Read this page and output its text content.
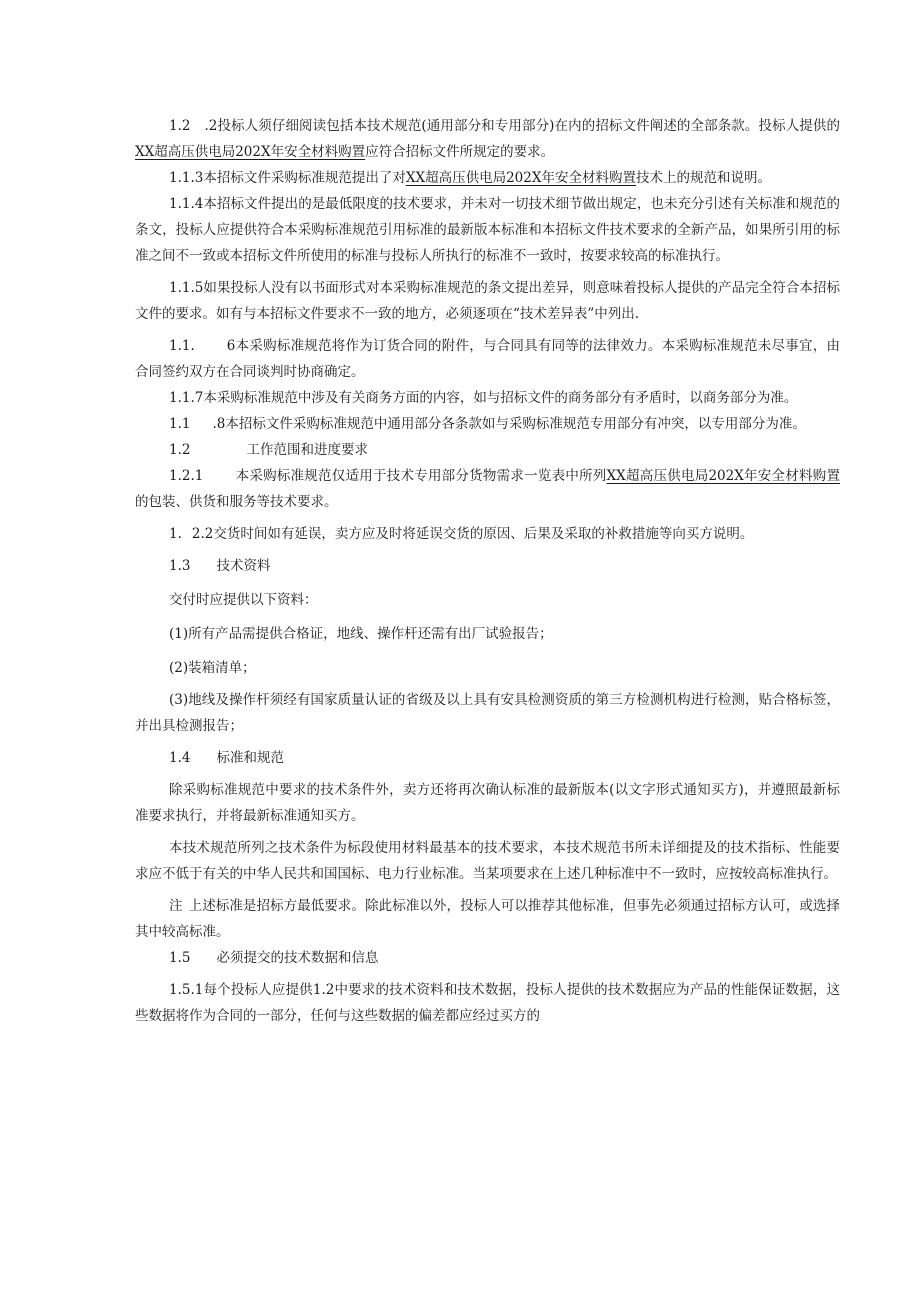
1.2 .2投标人须仔细阅读包括本技术规范(通用部分和专用部分)在内的招标文件阐述的全部条款。投标人提供的XX超高压供电局202X年安全材料购置应符合招标文件所规定的要求。

1.1.3本招标文件采购标准规范提出了对XX超高压供电局202X年安全材料购置技术上的规范和说明。

1.1.4本招标文件提出的是最低限度的技术要求，并未对一切技术细节做出规定，也未充分引述有关标准和规范的条文，投标人应提供符合本采购标准规范引用标准的最新版本标准和本招标文件技术要求的全新产品，如果所引用的标准之间不一致或本招标文件所使用的标准与投标人所执行的标准不一致时，按要求较高的标准执行。

1.1.5如果投标人没有以书面形式对本采购标准规范的条文提出差异，则意味着投标人提供的产品完全符合本招标文件的要求。如有与本招标文件要求不一致的地方，必须逐项在“技术差异表”中列出.

1.1. 6本采购标准规范将作为订货合同的附件，与合同具有同等的法律效力。本采购标准规范未尽事宜，由合同签约双方在合同谈判时协商确定。

1.1.7本采购标准规范中涉及有关商务方面的内容，如与招标文件的商务部分有矛盾时，以商务部分为准。

1.1 .8本招标文件采购标准规范中通用部分各条款如与采购标准规范专用部分有冲突，以专用部分为准。

1.2	工作范围和进度要求

1.2.1 本采购标准规范仅适用于技术专用部分货物需求一览表中所列XX超高压供电局202X年安全材料购置的包装、供货和服务等技术要求。

1. 2.2交货时间如有延误，卖方应及时将延误交货的原因、后果及采取的补救措施等向买方说明。

1.3 技术资料

交付时应提供以下资料：

(1)所有产品需提供合格证，地线、操作杆还需有出厂试验报告；

(2)装箱清单；

(3)地线及操作杆须经有国家质量认证的省级及以上具有安具检测资质的第三方检测机构进行检测，贴合格标签，并出具检测报告；

1.4 标准和规范

除采购标准规范中要求的技术条件外，卖方还将再次确认标准的最新版本(以文字形式通知买方)，并遵照最新标准要求执行，并将最新标准通知买方。

本技术规范所列之技术条件为标段使用材料最基本的技术要求，本技术规范书所未详细提及的技术指标、性能要求应不低于有关的中华人民共和国国标、电力行业标准。当某项要求在上述几种标准中不一致时，应按较高标准执行。

注 上述标准是招标方最低要求。除此标准以外，投标人可以推荐其他标准，但事先必须通过招标方认可，或选择其中较高标准。

1.5 必须提交的技术数据和信息

1.5.1每个投标人应提供1.2中要求的技术资料和技术数据，投标人提供的技术数据应为产品的性能保证数据，这些数据将作为合同的一部分，任何与这些数据的偏差都应经过买方的
